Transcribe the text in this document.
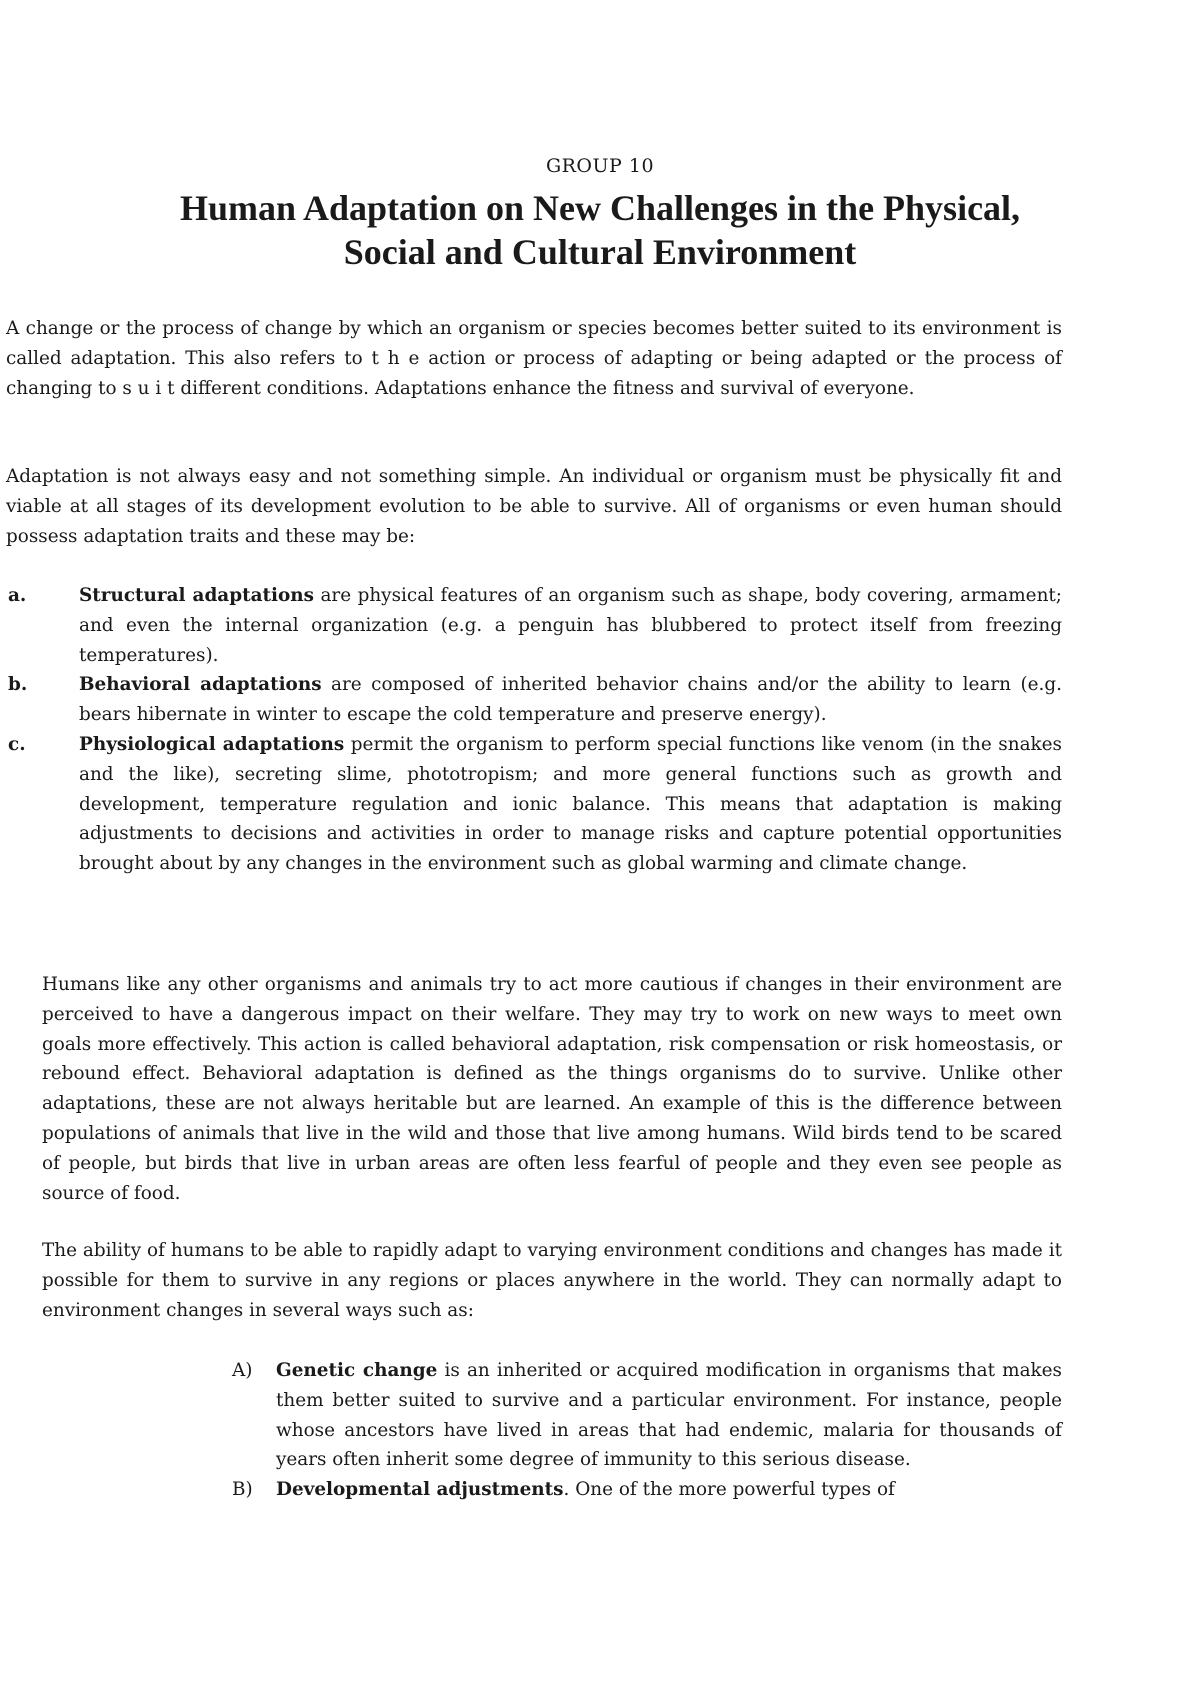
GROUP 10
Human Adaptation on New Challenges in the Physical,
Social and Cultural Environment

A change or the process of change by which an organism or species becomes better suited to its environment is called adaptation. This also refers to t h e action or process of adapting or being adapted or the process of changing to s u i t different conditions. Adaptations enhance the fitness and survival of everyone.

Adaptation is not always easy and not something simple. An individual or organism must be physically fit and viable at all stages of its development evolution to be able to survive. All of organisms or even human should possess adaptation traits and these may be:

a.	Structural adaptations are physical features of an organism such as shape, body covering, armament; and even the internal organization (e.g. a penguin has blubbered to protect itself from freezing temperatures).
b.	Behavioral adaptations are composed of inherited behavior chains and/or the ability to learn (e.g. bears hibernate in winter to escape the cold temperature and preserve energy).
c.	Physiological adaptations permit the organism to perform special functions like venom (in the snakes and the like), secreting slime, phototropism; and more general functions such as growth and development, temperature regulation and ionic balance. This means that adaptation is making adjustments to decisions and activities in order to manage risks and capture potential opportunities brought about by any changes in the environment such as global warming and climate change.

Humans like any other organisms and animals try to act more cautious if changes in their environment are perceived to have a dangerous impact on their welfare. They may try to work on new ways to meet own goals more effectively. This action is called behavioral adaptation, risk compensation or risk homeostasis, or rebound effect. Behavioral adaptation is defined as the things organisms do to survive. Unlike other adaptations, these are not always heritable but are learned. An example of this is the difference between populations of animals that live in the wild and those that live among humans. Wild birds tend to be scared of people, but birds that live in urban areas are often less fearful of people and they even see people as source of food.

The ability of humans to be able to rapidly adapt to varying environment conditions and changes has made it possible for them to survive in any regions or places anywhere in the world. They can normally adapt to environment changes in several ways such as:

A) Genetic change is an inherited or acquired modification in organisms that makes them better suited to survive and a particular environment. For instance, people whose ancestors have lived in areas that had endemic, malaria for thousands of years often inherit some degree of immunity to this serious disease.
B) Developmental adjustments. One of the more powerful types of
